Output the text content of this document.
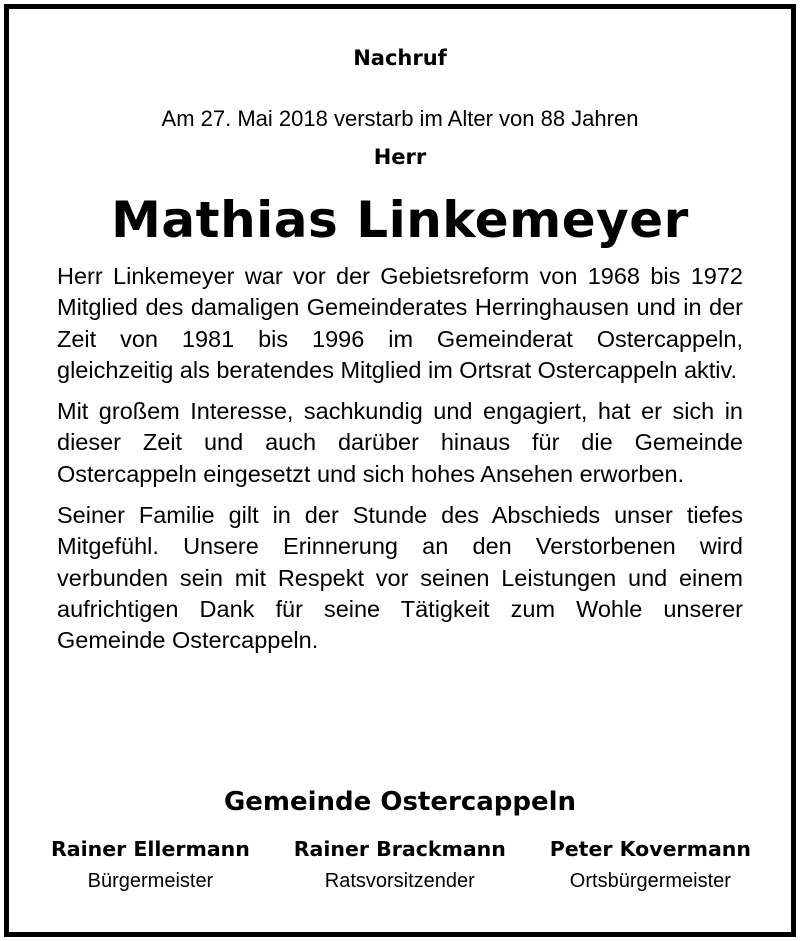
Nachruf
Am 27. Mai 2018 verstarb im Alter von 88 Jahren
Herr
Mathias Linkemeyer

Herr Linkemeyer war vor der Gebietsreform von 1968 bis 1972 Mitglied des damaligen Gemeinderates Herringhausen und in der Zeit von 1981 bis 1996 im Gemeinderat Ostercappeln, gleichzeitig als beratendes Mitglied im Ortsrat Ostercappeln aktiv.

Mit großem Interesse, sachkundig und engagiert, hat er sich in dieser Zeit und auch darüber hinaus für die Gemeinde Ostercappeln eingesetzt und sich hohes Ansehen erworben.

Seiner Familie gilt in der Stunde des Abschieds unser tiefes Mitgefühl. Unsere Erinnerung an den Verstorbenen wird verbunden sein mit Respekt vor seinen Leistungen und einem aufrichtigen Dank für seine Tätigkeit zum Wohle unserer Gemeinde Ostercappeln.

Gemeinde Ostercappeln
Rainer Ellermann
Bürgermeister
Rainer Brackmann
Ratsvorsitzender
Peter Kovermann
Ortsbürgermeister
